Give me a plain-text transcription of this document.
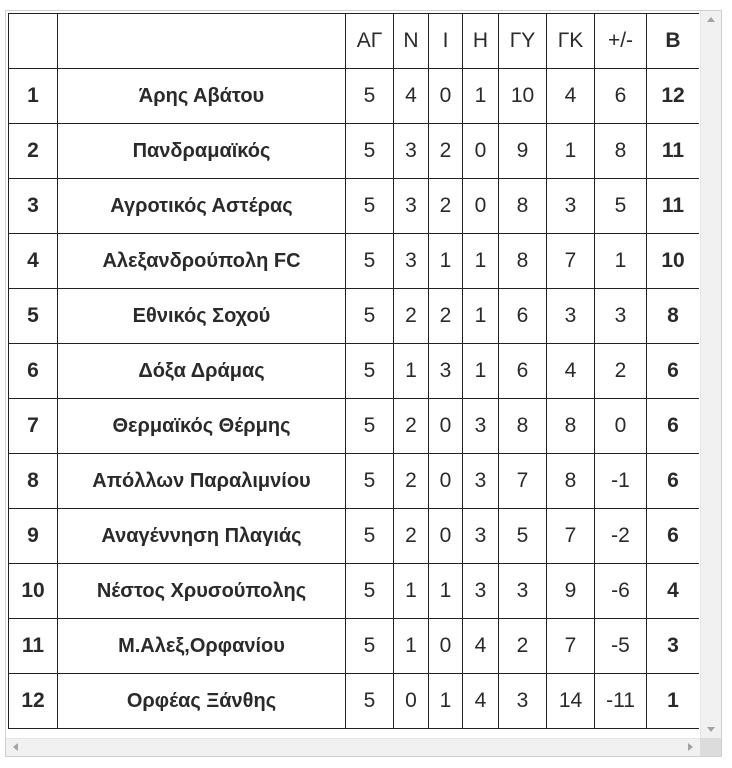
		ΑΓ	Ν	Ι	Η	ΓΥ	ΓΚ	+/-	Β
1	Άρης Αβάτου	5	4	0	1	10	4	6	12
2	Πανδραμαϊκός	5	3	2	0	9	1	8	11
3	Αγροτικός Αστέρας	5	3	2	0	8	3	5	11
4	Αλεξανδρούπολη FC	5	3	1	1	8	7	1	10
5	Εθνικός Σοχού	5	2	2	1	6	3	3	8
6	Δόξα Δράμας	5	1	3	1	6	4	2	6
7	Θερμαϊκός Θέρμης	5	2	0	3	8	8	0	6
8	Απόλλων Παραλιμνίου	5	2	0	3	7	8	-1	6
9	Αναγέννηση Πλαγιάς	5	2	0	3	5	7	-2	6
10	Νέστος Χρυσούπολης	5	1	1	3	3	9	-6	4
11	Μ.Αλεξ,Ορφανίου	5	1	0	4	2	7	-5	3
12	Ορφέας Ξάνθης	5	0	1	4	3	14	-11	1
